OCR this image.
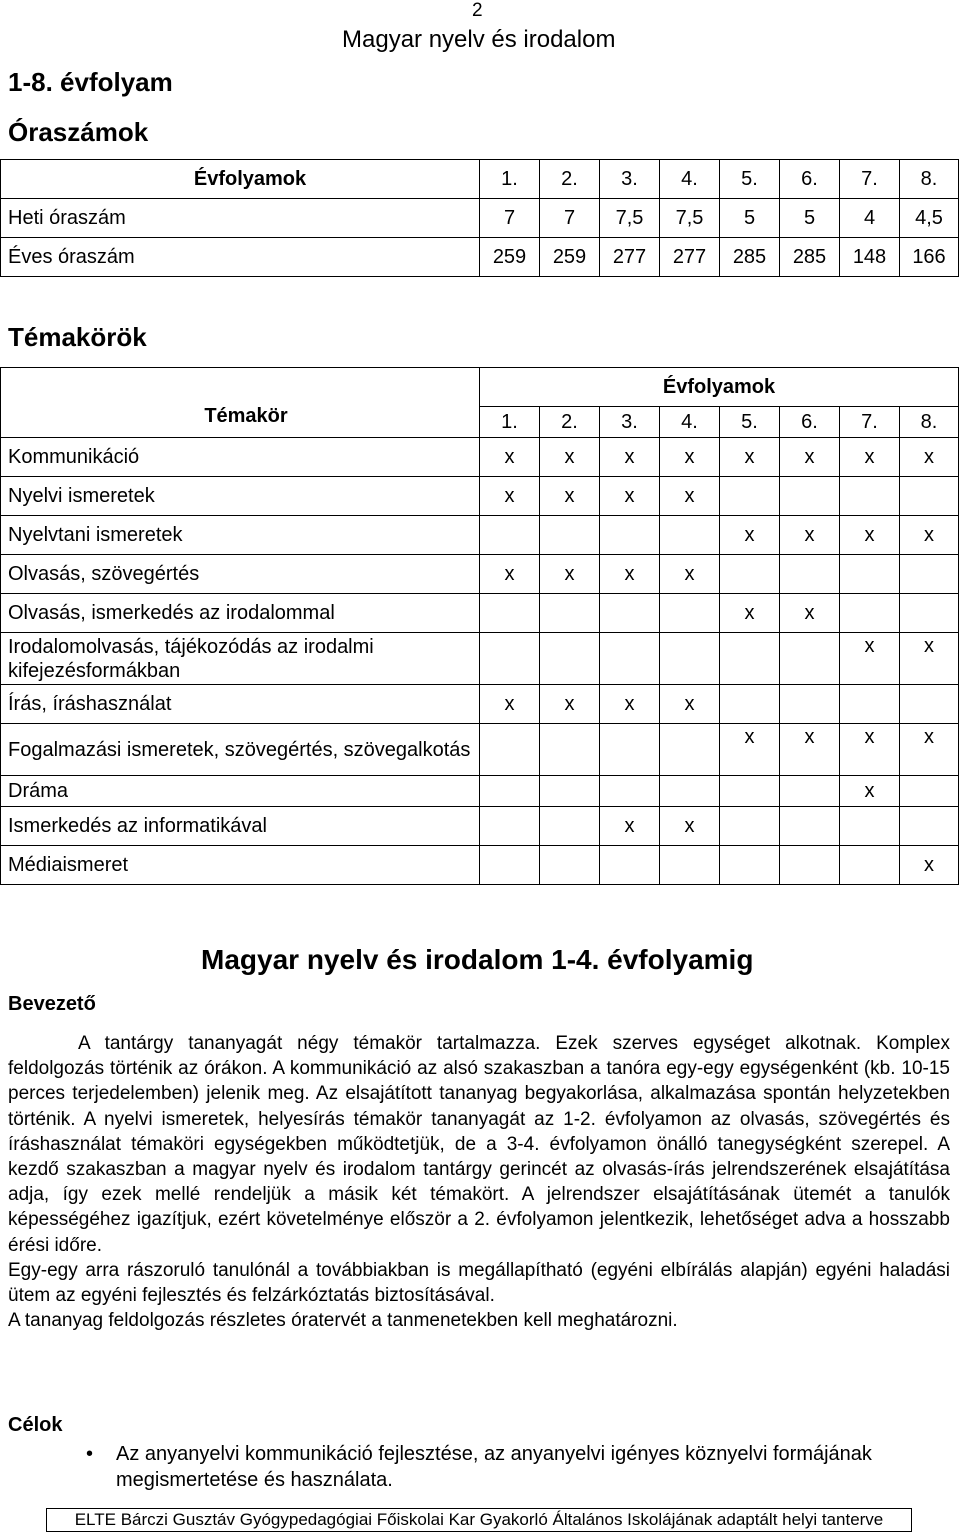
2
Magyar nyelv és irodalom
1-8. évfolyam
Óraszámok
Évfolyamok	1.	2.	3.	4.	5.	6.	7.	8.
Heti óraszám	7	7	7,5	7,5	5	5	4	4,5
Éves óraszám	259	259	277	277	285	285	148	166
Témakörök
Témakör	Évfolyamok							
	1.	2.	3.	4.	5.	6.	7.	8.
Kommunikáció	x	x	x	x	x	x	x	x
Nyelvi ismeretek	x	x	x	x				
Nyelvtani ismeretek					x	x	x	x
Olvasás, szövegértés	x	x	x	x				
Olvasás, ismerkedés az irodalommal					x	x		
Irodalomolvasás, tájékozódás az irodalmi kifejezésformákban							x	x
Írás, íráshasználat	x	x	x	x				
Fogalmazási ismeretek, szövegértés, szövegalkotás					x	x	x	x
Dráma							x	
Ismerkedés az informatikával			x	x				
Médiaismeret								x
Magyar nyelv és irodalom 1-4. évfolyamig
Bevezető

A tantárgy tananyagát négy témakör tartalmazza. Ezek szerves egységet alkotnak. Komplex feldolgozás történik az órákon. A kommunikáció az alsó szakaszban a tanóra egy-egy egységenként (kb. 10-15 perces terjedelemben) jelenik meg. Az elsajátított tananyag begyakorlása, alkalmazása spontán helyzetekben történik. A nyelvi ismeretek, helyesírás témakör tananyagát az 1-2. évfolyamon az olvasás, szövegértés és íráshasználat témaköri egységekben működtetjük, de a 3-4. évfolyamon önálló tanegységként szerepel. A kezdő szakaszban a magyar nyelv és irodalom tantárgy gerincét az olvasás-írás jelrendszerének elsajátítása adja, így ezek mellé rendeljük a másik két témakört. A jelrendszer elsajátításának ütemét a tanulók képességéhez igazítjuk, ezért követelménye először a 2. évfolyamon jelentkezik, lehetőséget adva a hosszabb érési időre.

Egy-egy arra rászoruló tanulónál a továbbiakban is megállapítható (egyéni elbírálás alapján) egyéni haladási ütem az egyéni fejlesztés és felzárkóztatás biztosításával.

A tananyag feldolgozás részletes óratervét a tanmenetekben kell meghatározni.

Célok
• Az anyanyelvi kommunikáció fejlesztése, az anyanyelvi igényes köznyelvi formájának megismertetése és használata.
ELTE Bárczi Gusztáv Gyógypedagógiai Főiskolai Kar Gyakorló Általános Iskolájának adaptált helyi tanterve
